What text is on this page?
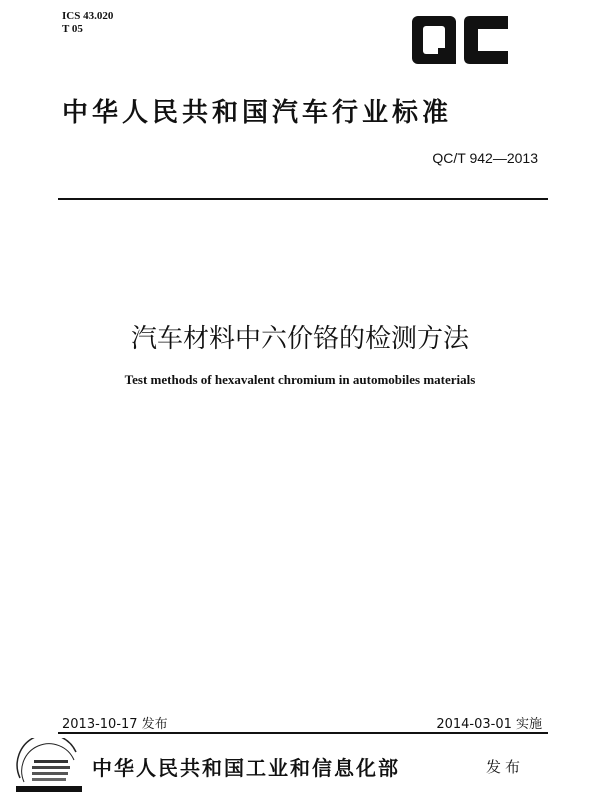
ICS 43.020
T 05
中华人民共和国汽车行业标准
QC/T 942—2013
汽车材料中六价铬的检测方法
Test methods of hexavalent chromium in automobiles materials
2013-10-17 发布	2014-03-01 实施
中华人民共和国工业和信息化部	发布
